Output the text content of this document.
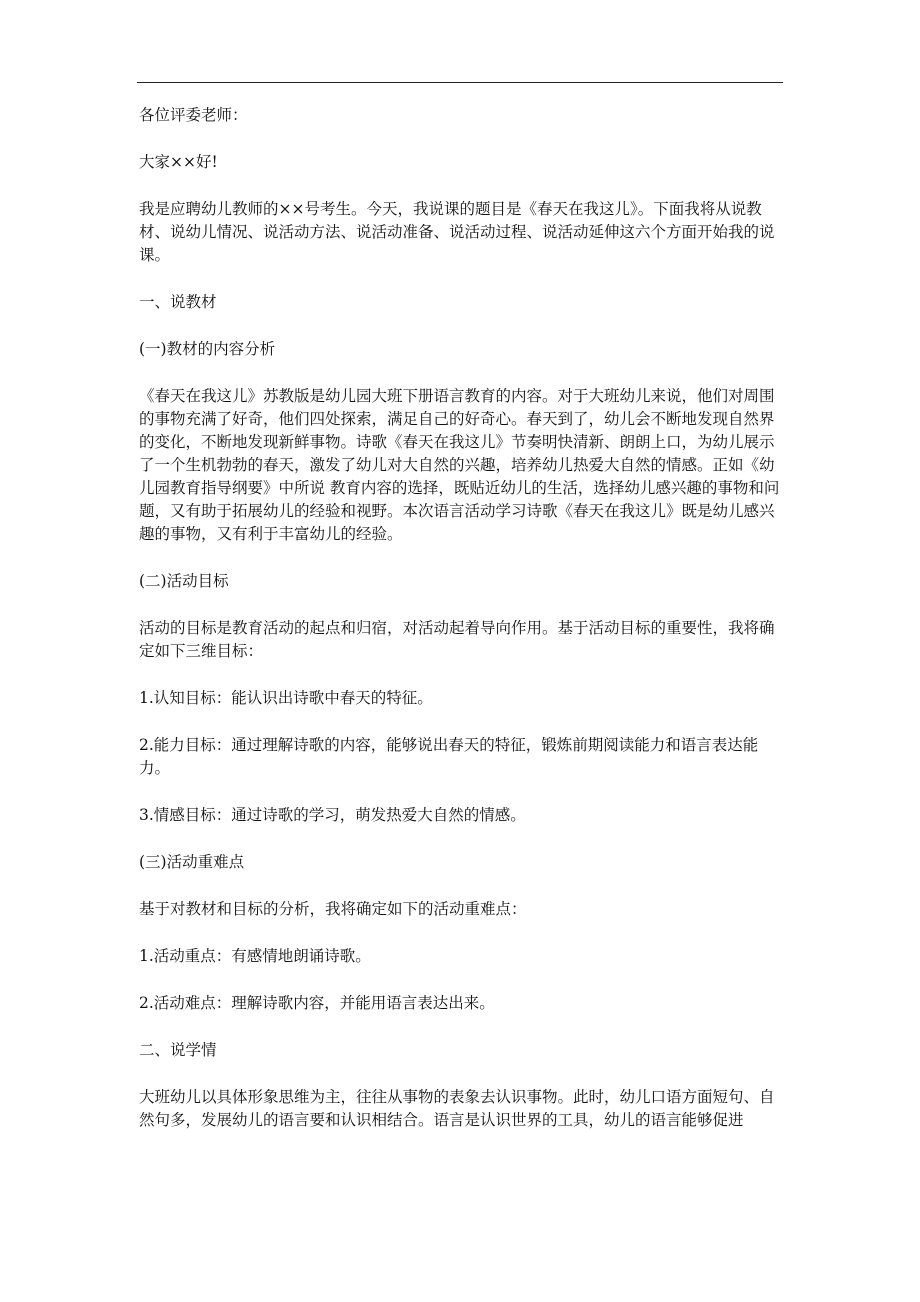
各位评委老师：

大家××好!

我是应聘幼儿教师的××号考生。今天，我说课的题目是《春天在我这儿》。下面我将从说教材、说幼儿情况、说活动方法、说活动准备、说活动过程、说活动延伸这六个方面开始我的说课。

一、说教材

(一)教材的内容分析

《春天在我这儿》苏教版是幼儿园大班下册语言教育的内容。对于大班幼儿来说，他们对周围的事物充满了好奇，他们四处探索，满足自己的好奇心。春天到了，幼儿会不断地发现自然界的变化，不断地发现新鲜事物。诗歌《春天在我这儿》节奏明快清新、朗朗上口，为幼儿展示了一个生机勃勃的春天，激发了幼儿对大自然的兴趣，培养幼儿热爱大自然的情感。正如《幼儿园教育指导纲要》中所说 教育内容的选择，既贴近幼儿的生活，选择幼儿感兴趣的事物和问题，又有助于拓展幼儿的经验和视野。本次语言活动学习诗歌《春天在我这儿》既是幼儿感兴趣的事物，又有利于丰富幼儿的经验。

(二)活动目标

活动的目标是教育活动的起点和归宿，对活动起着导向作用。基于活动目标的重要性，我将确定如下三维目标：

1.认知目标：能认识出诗歌中春天的特征。

2.能力目标：通过理解诗歌的内容，能够说出春天的特征，锻炼前期阅读能力和语言表达能力。

3.情感目标：通过诗歌的学习，萌发热爱大自然的情感。

(三)活动重难点

基于对教材和目标的分析，我将确定如下的活动重难点：

1.活动重点：有感情地朗诵诗歌。

2.活动难点：理解诗歌内容，并能用语言表达出来。

二、说学情

大班幼儿以具体形象思维为主，往往从事物的表象去认识事物。此时，幼儿口语方面短句、自然句多，发展幼儿的语言要和认识相结合。语言是认识世界的工具，幼儿的语言能够促进
